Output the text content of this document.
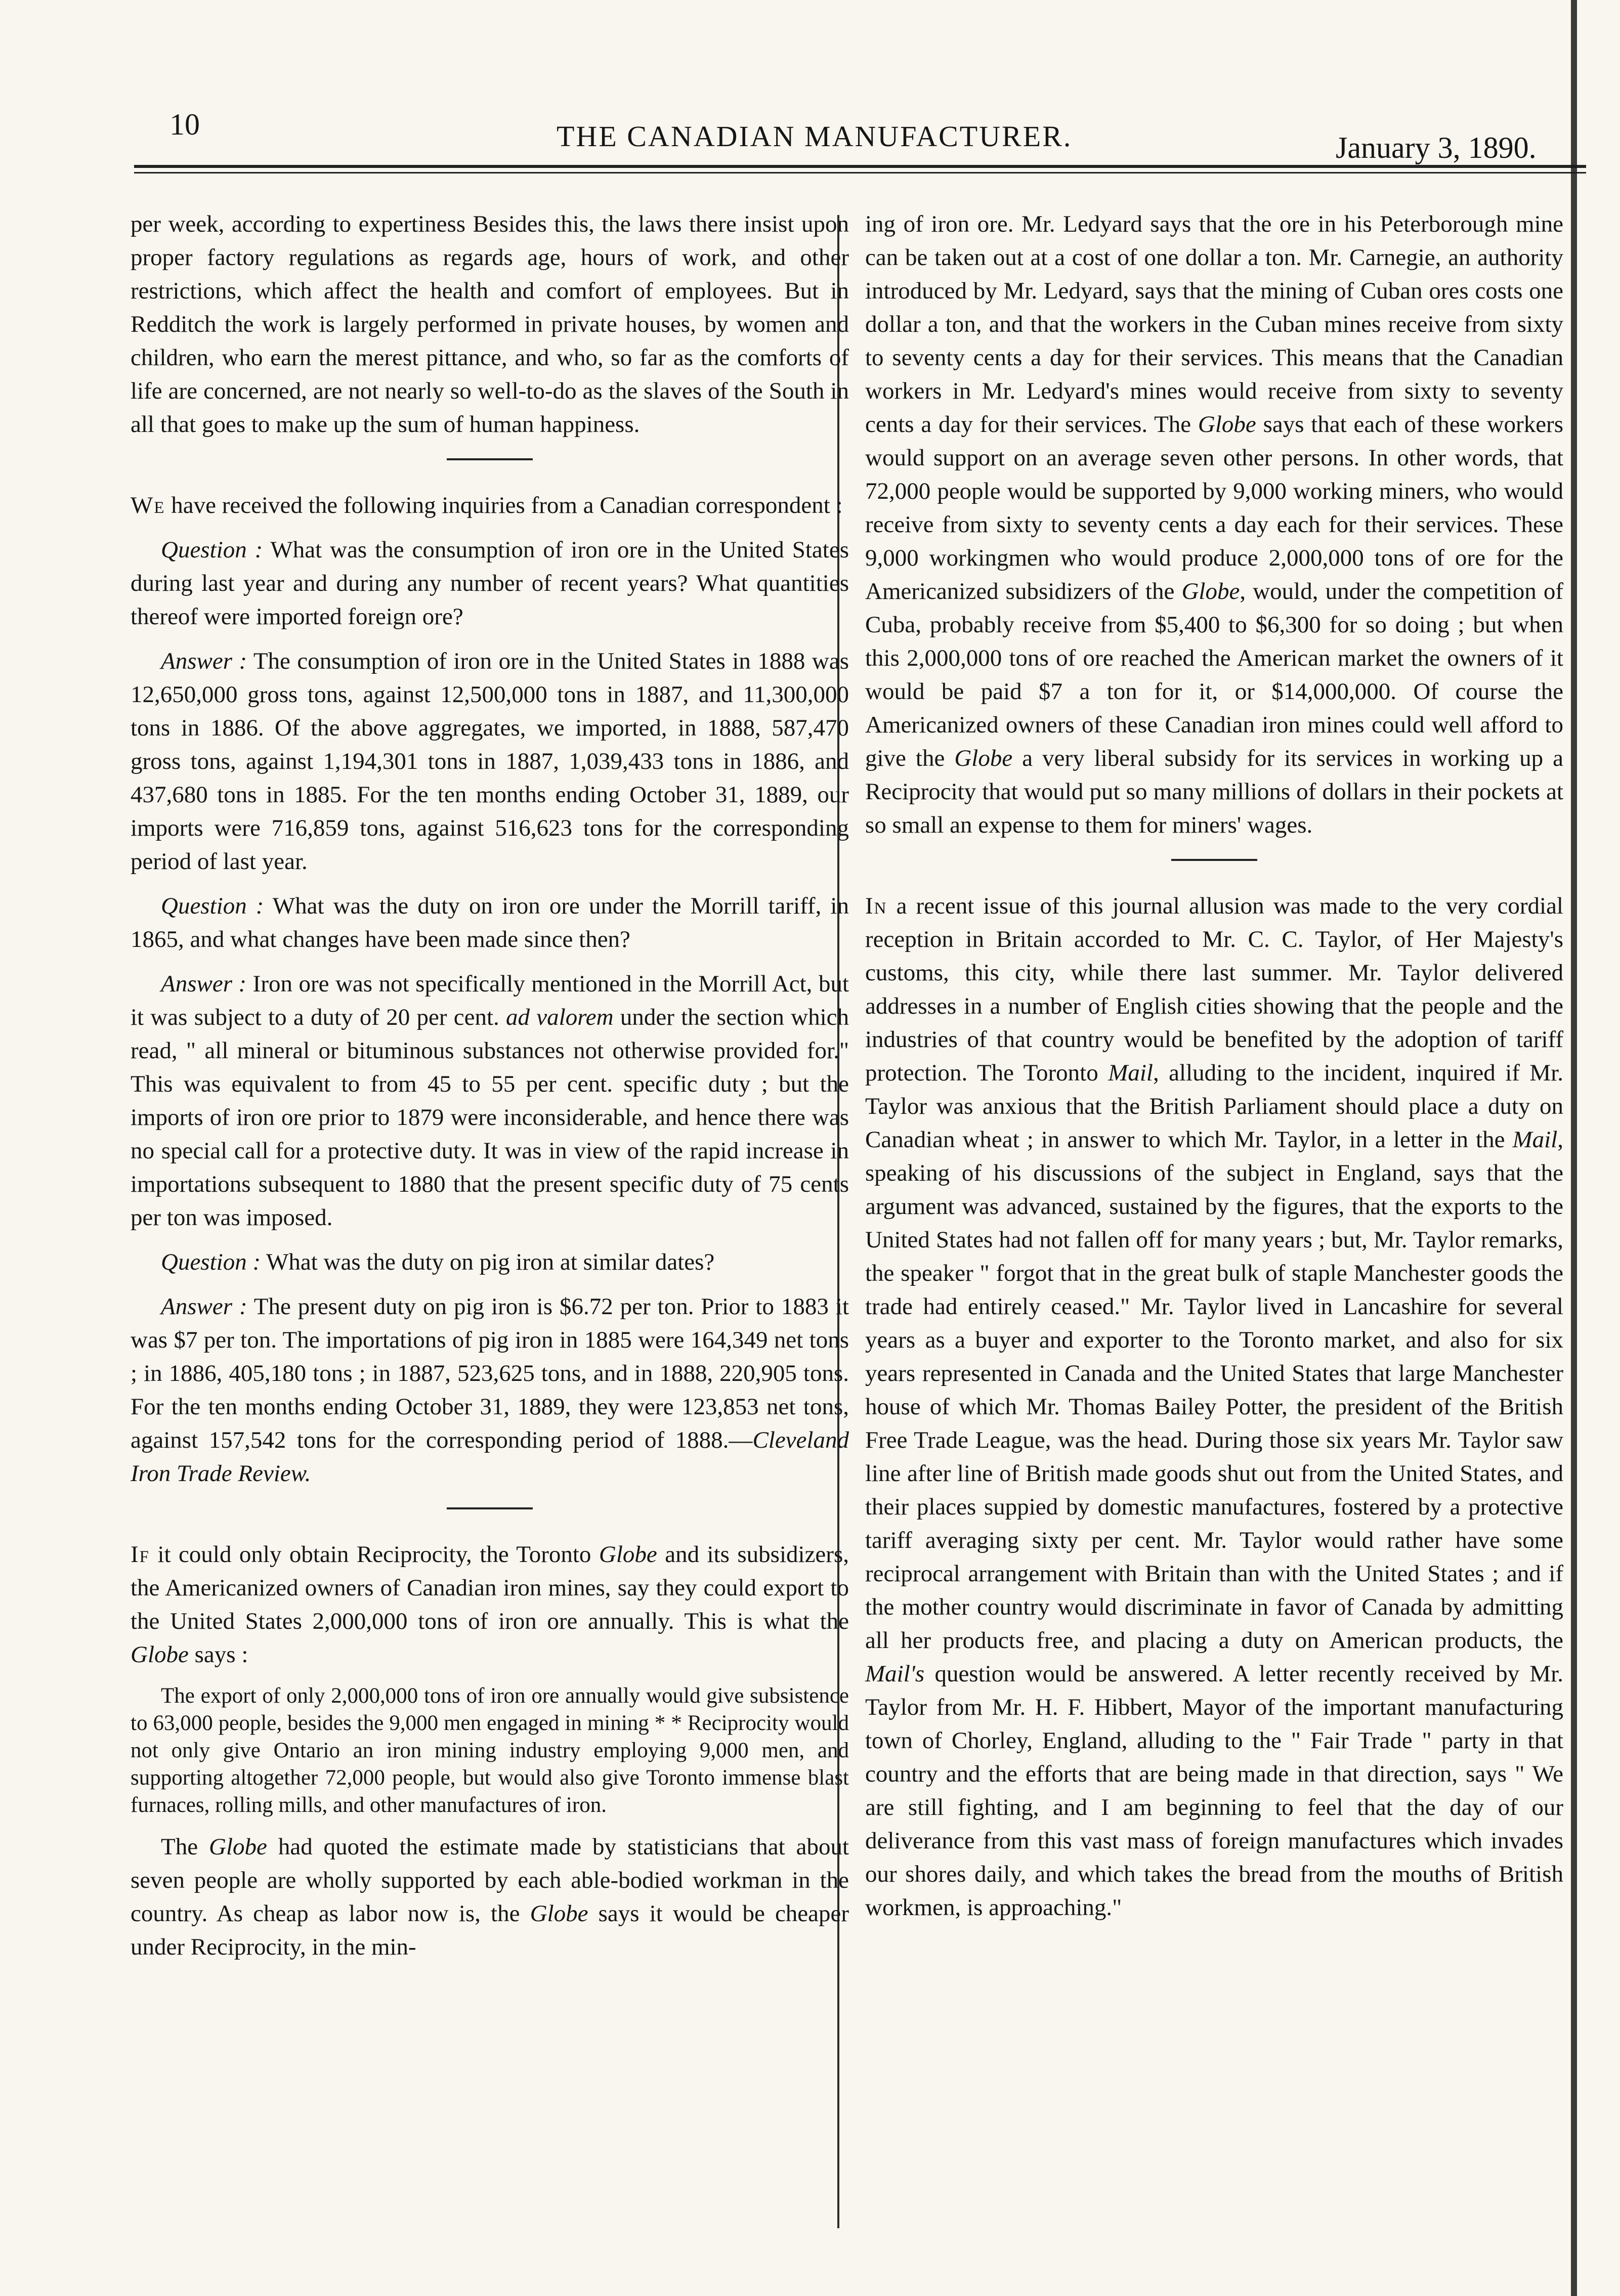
10	THE CANADIAN MANUFACTURER.	January 3, 1890.

per week, according to expertiness Besides this, the laws there insist upon proper factory regulations as regards age, hours of work, and other restrictions, which affect the health and comfort of employees. But in Redditch the work is largely performed in private houses, by women and children, who earn the merest pittance, and who, so far as the comforts of life are concerned, are not nearly so well-to-do as the slaves of the South in all that goes to make up the sum of human happiness.

We have received the following inquiries from a Canadian correspondent :

Question : What was the consumption of iron ore in the United States during last year and during any number of recent years? What quantities thereof were imported foreign ore?

Answer : The consumption of iron ore in the United States in 1888 was 12,650,000 gross tons, against 12,500,000 tons in 1887, and 11,300,000 tons in 1886. Of the above aggregates, we imported, in 1888, 587,470 gross tons, against 1,194,301 tons in 1887, 1,039,433 tons in 1886, and 437,680 tons in 1885. For the ten months ending October 31, 1889, our imports were 716,859 tons, against 516,623 tons for the corresponding period of last year.

Question : What was the duty on iron ore under the Morrill tariff, in 1865, and what changes have been made since then?

Answer : Iron ore was not specifically mentioned in the Morrill Act, but it was subject to a duty of 20 per cent. ad valorem under the section which read, " all mineral or bituminous substances not otherwise provided for." This was equivalent to from 45 to 55 per cent. specific duty ; but the imports of iron ore prior to 1879 were inconsiderable, and hence there was no special call for a protective duty. It was in view of the rapid increase in importations subsequent to 1880 that the present specific duty of 75 cents per ton was imposed.

Question : What was the duty on pig iron at similar dates?

Answer : The present duty on pig iron is $6.72 per ton. Prior to 1883 it was $7 per ton. The importations of pig iron in 1885 were 164,349 net tons ; in 1886, 405,180 tons ; in 1887, 523,625 tons, and in 1888, 220,905 tons. For the ten months ending October 31, 1889, they were 123,853 net tons, against 157,542 tons for the corresponding period of 1888.—Cleveland Iron Trade Review.

If it could only obtain Reciprocity, the Toronto Globe and its subsidizers, the Americanized owners of Canadian iron mines, say they could export to the United States 2,000,000 tons of iron ore annually. This is what the Globe says :

The export of only 2,000,000 tons of iron ore annually would give subsistence to 63,000 people, besides the 9,000 men engaged in mining * * Reciprocity would not only give Ontario an iron mining industry employing 9,000 men, and supporting altogether 72,000 people, but would also give Toronto immense blast furnaces, rolling mills, and other manufactures of iron.

The Globe had quoted the estimate made by statisticians that about seven people are wholly supported by each able-bodied workman in the country. As cheap as labor now is, the Globe says it would be cheaper under Reciprocity, in the min-

ing of iron ore. Mr. Ledyard says that the ore in his Peterborough mine can be taken out at a cost of one dollar a ton. Mr. Carnegie, an authority introduced by Mr. Ledyard, says that the mining of Cuban ores costs one dollar a ton, and that the workers in the Cuban mines receive from sixty to seventy cents a day for their services. This means that the Canadian workers in Mr. Ledyard's mines would receive from sixty to seventy cents a day for their services. The Globe says that each of these workers would support on an average seven other persons. In other words, that 72,000 people would be supported by 9,000 working miners, who would receive from sixty to seventy cents a day each for their services. These 9,000 workingmen who would produce 2,000,000 tons of ore for the Americanized subsidizers of the Globe, would, under the competition of Cuba, probably receive from $5,400 to $6,300 for so doing ; but when this 2,000,000 tons of ore reached the American market the owners of it would be paid $7 a ton for it, or $14,000,000. Of course the Americanized owners of these Canadian iron mines could well afford to give the Globe a very liberal subsidy for its services in working up a Reciprocity that would put so many millions of dollars in their pockets at so small an expense to them for miners' wages.

In a recent issue of this journal allusion was made to the very cordial reception in Britain accorded to Mr. C. C. Taylor, of Her Majesty's customs, this city, while there last summer. Mr. Taylor delivered addresses in a number of English cities showing that the people and the industries of that country would be benefited by the adoption of tariff protection. The Toronto Mail, alluding to the incident, inquired if Mr. Taylor was anxious that the British Parliament should place a duty on Canadian wheat ; in answer to which Mr. Taylor, in a letter in the Mail, speaking of his discussions of the subject in England, says that the argument was advanced, sustained by the figures, that the exports to the United States had not fallen off for many years ; but, Mr. Taylor remarks, the speaker " forgot that in the great bulk of staple Manchester goods the trade had entirely ceased." Mr. Taylor lived in Lancashire for several years as a buyer and exporter to the Toronto market, and also for six years represented in Canada and the United States that large Manchester house of which Mr. Thomas Bailey Potter, the president of the British Free Trade League, was the head. During those six years Mr. Taylor saw line after line of British made goods shut out from the United States, and their places suppied by domestic manufactures, fostered by a protective tariff averaging sixty per cent. Mr. Taylor would rather have some reciprocal arrangement with Britain than with the United States ; and if the mother country would discriminate in favor of Canada by admitting all her products free, and placing a duty on American products, the Mail's question would be answered. A letter recently received by Mr. Taylor from Mr. H. F. Hibbert, Mayor of the important manufacturing town of Chorley, England, alluding to the " Fair Trade " party in that country and the efforts that are being made in that direction, says " We are still fighting, and I am beginning to feel that the day of our deliverance from this vast mass of foreign manufactures which invades our shores daily, and which takes the bread from the mouths of British workmen, is approaching."
